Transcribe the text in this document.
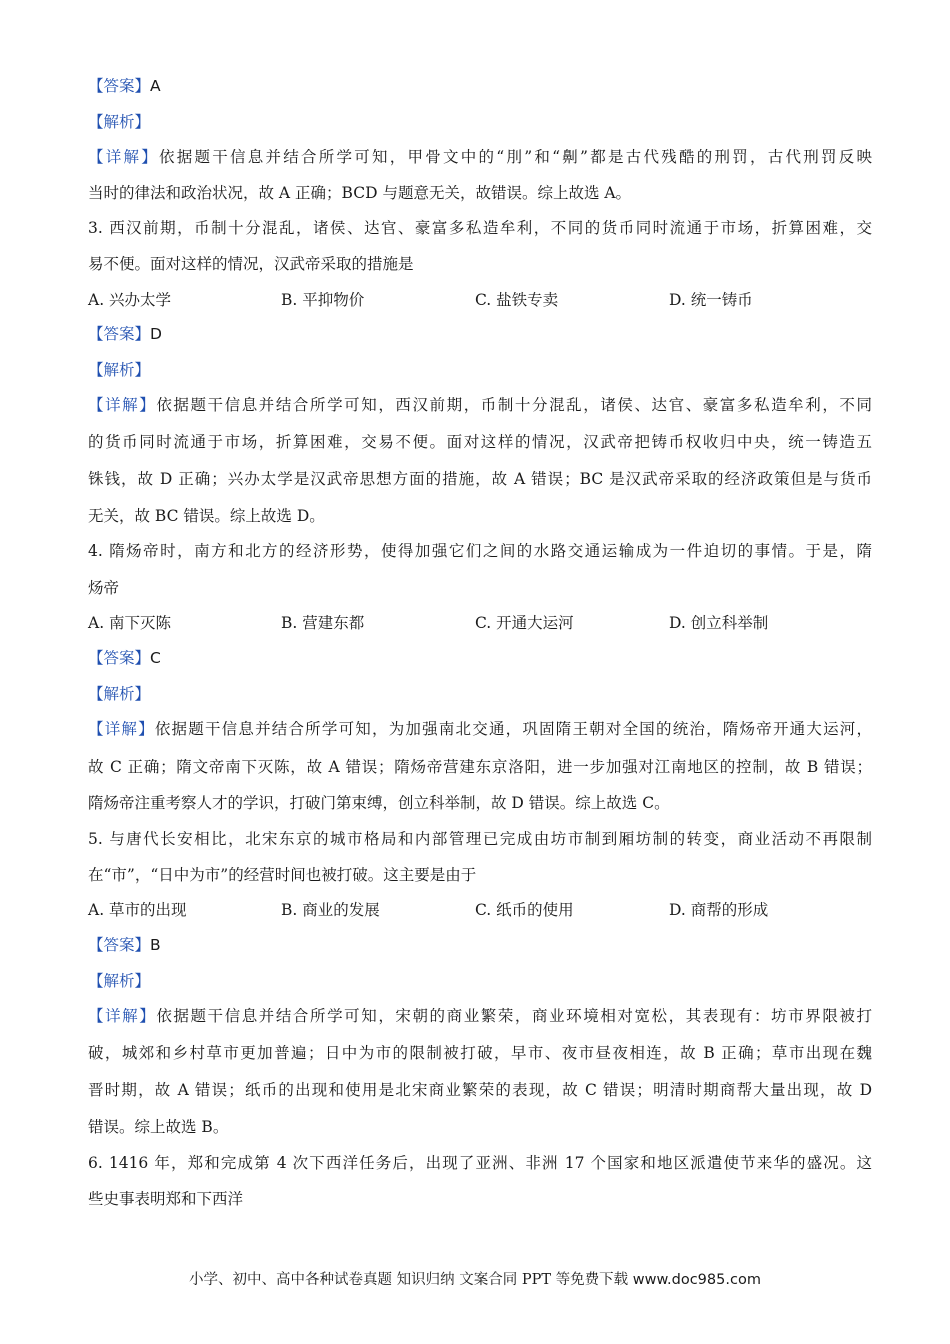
【答案】A
【解析】
【详解】依据题干信息并结合所学可知，甲骨文中的“刖”和“劓”都是古代残酷的刑罚，古代刑罚反映
当时的律法和政治状况，故 A 正确；BCD 与题意无关，故错误。综上故选 A。
3. 西汉前期，币制十分混乱，诸侯、达官、豪富多私造牟利，不同的货币同时流通于市场，折算困难，交
易不便。面对这样的情况，汉武帝采取的措施是
A. 兴办太学	B. 平抑物价	C. 盐铁专卖	D. 统一铸币
【答案】D
【解析】
【详解】依据题干信息并结合所学可知，西汉前期，币制十分混乱，诸侯、达官、豪富多私造牟利，不同
的货币同时流通于市场，折算困难，交易不便。面对这样的情况，汉武帝把铸币权收归中央，统一铸造五
铢钱，故 D 正确；兴办太学是汉武帝思想方面的措施，故 A 错误；BC 是汉武帝采取的经济政策但是与货币
无关，故 BC 错误。综上故选 D。
4. 隋炀帝时，南方和北方的经济形势，使得加强它们之间的水路交通运输成为一件迫切的事情。于是，隋
炀帝
A. 南下灭陈	B. 营建东都	C. 开通大运河	D. 创立科举制
【答案】C
【解析】
【详解】依据题干信息并结合所学可知，为加强南北交通，巩固隋王朝对全国的统治，隋炀帝开通大运河，
故 C 正确；隋文帝南下灭陈，故 A 错误；隋炀帝营建东京洛阳，进一步加强对江南地区的控制，故 B 错误；
隋炀帝注重考察人才的学识，打破门第束缚，创立科举制，故 D 错误。综上故选 C。
5. 与唐代长安相比，北宋东京的城市格局和内部管理已完成由坊市制到厢坊制的转变，商业活动不再限制
在“市”，“日中为市”的经营时间也被打破。这主要是由于
A. 草市的出现	B. 商业的发展	C. 纸币的使用	D. 商帮的形成
【答案】B
【解析】
【详解】依据题干信息并结合所学可知，宋朝的商业繁荣，商业环境相对宽松，其表现有：坊市界限被打
破，城郊和乡村草市更加普遍；日中为市的限制被打破，早市、夜市昼夜相连，故 B 正确；草市出现在魏
晋时期，故 A 错误；纸币的出现和使用是北宋商业繁荣的表现，故 C 错误；明清时期商帮大量出现，故 D
错误。综上故选 B。
6. 1416 年，郑和完成第 4 次下西洋任务后，出现了亚洲、非洲 17 个国家和地区派遣使节来华的盛况。这
些史事表明郑和下西洋
小学、初中、高中各种试卷真题 知识归纳 文案合同 PPT 等免费下载 www.doc985.com
